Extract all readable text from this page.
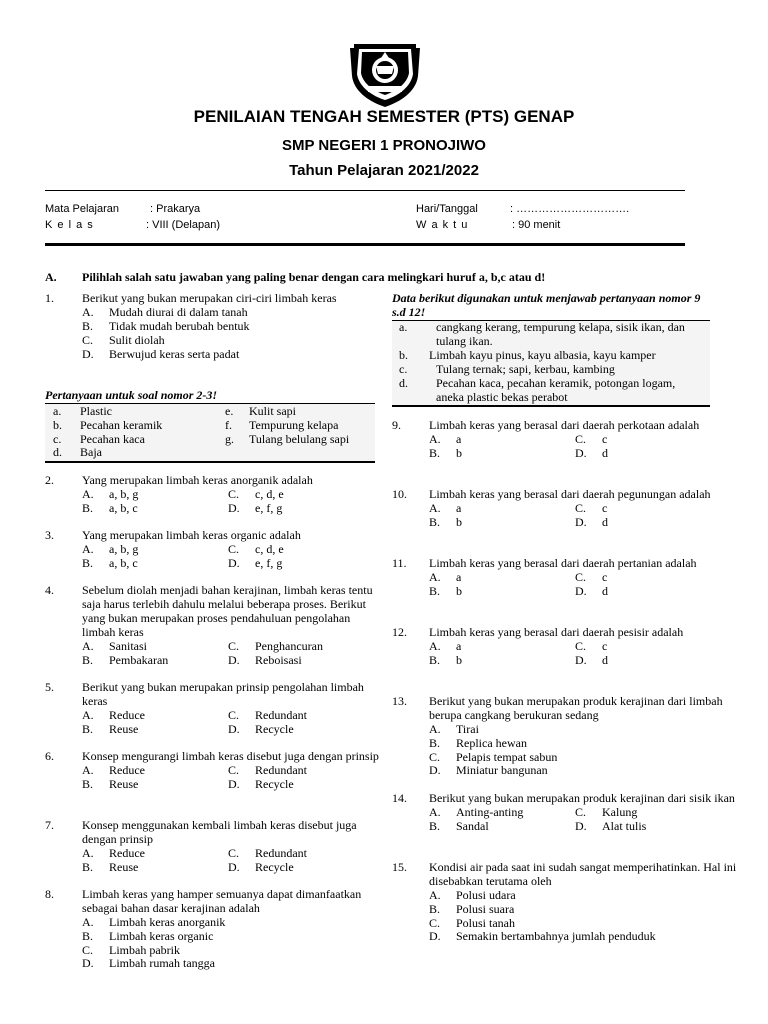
PENILAIAN TENGAH SEMESTER (PTS) GENAP
SMP NEGERI 1 PRONOJIWO
Tahun Pelajaran 2021/2022
Mata Pelajaran	: Prakarya
K e l a s	: VIII (Delapan)
Hari/Tanggal	: ………………………….
W a k t u	: 90 menit
A. Pilihlah salah satu jawaban yang paling benar dengan cara melingkari huruf a, b,c atau d!
1. Berikut yang bukan merupakan ciri-ciri limbah keras
A. Mudah diurai di dalam tanah
B. Tidak mudah berubah bentuk
C. Sulit diolah
D. Berwujud keras serta padat
Pertanyaan untuk soal nomor 2-3!
a. Plastic	e. Kulit sapi
b. Pecahan keramik	f. Tempurung kelapa
c. Pecahan kaca	g. Tulang belulang sapi
d. Baja
2. Yang merupakan limbah keras anorganik adalah
A. a, b, g	C. c, d, e
B. a, b, c	D. e, f, g
3. Yang merupakan limbah keras organic adalah
A. a, b, g	C. c, d, e
B. a, b, c	D. e, f, g
4. Sebelum diolah menjadi bahan kerajinan, limbah keras tentu saja harus terlebih dahulu melalui beberapa proses. Berikut yang bukan merupakan proses pendahuluan pengolahan limbah keras
A. Sanitasi	C. Penghancuran
B. Pembakaran	D. Reboisasi
5. Berikut yang bukan merupakan prinsip pengolahan limbah keras
A. Reduce	C. Redundant
B. Reuse	D. Recycle
6. Konsep mengurangi limbah keras disebut juga dengan prinsip
A. Reduce	C. Redundant
B. Reuse	D. Recycle
7. Konsep menggunakan kembali limbah keras disebut juga dengan prinsip
A. Reduce	C. Redundant
B. Reuse	D. Recycle
8. Limbah keras yang hamper semuanya dapat dimanfaatkan sebagai bahan dasar kerajinan adalah
A. Limbah keras anorganik
B. Limbah keras organic
C. Limbah pabrik
D. Limbah rumah tangga
Data berikut digunakan untuk menjawab pertanyaan nomor 9 s.d 12!
a. cangkang kerang, tempurung kelapa, sisik ikan, dan tulang ikan.
b. Limbah kayu pinus, kayu albasia, kayu kamper
c. Tulang ternak; sapi, kerbau, kambing
d. Pecahan kaca, pecahan keramik, potongan logam, aneka plastic bekas perabot
9. Limbah keras yang berasal dari daerah perkotaan adalah
A. a	C. c
B. b	D. d
10. Limbah keras yang berasal dari daerah pegunungan adalah
A. a	C. c
B. b	D. d
11. Limbah keras yang berasal dari daerah pertanian adalah
A. a	C. c
B. b	D. d
12. Limbah keras yang berasal dari daerah pesisir adalah
A. a	C. c
B. b	D. d
13. Berikut yang bukan merupakan produk kerajinan dari limbah berupa cangkang berukuran sedang
A. Tirai
B. Replica hewan
C. Pelapis tempat sabun
D. Miniatur bangunan
14. Berikut yang bukan merupakan produk kerajinan dari sisik ikan
A. Anting-anting	C. Kalung
B. Sandal	D. Alat tulis
15. Kondisi air pada saat ini sudah sangat memperihatinkan. Hal ini disebabkan terutama oleh
A. Polusi udara
B. Polusi suara
C. Polusi tanah
D. Semakin bertambahnya jumlah penduduk
